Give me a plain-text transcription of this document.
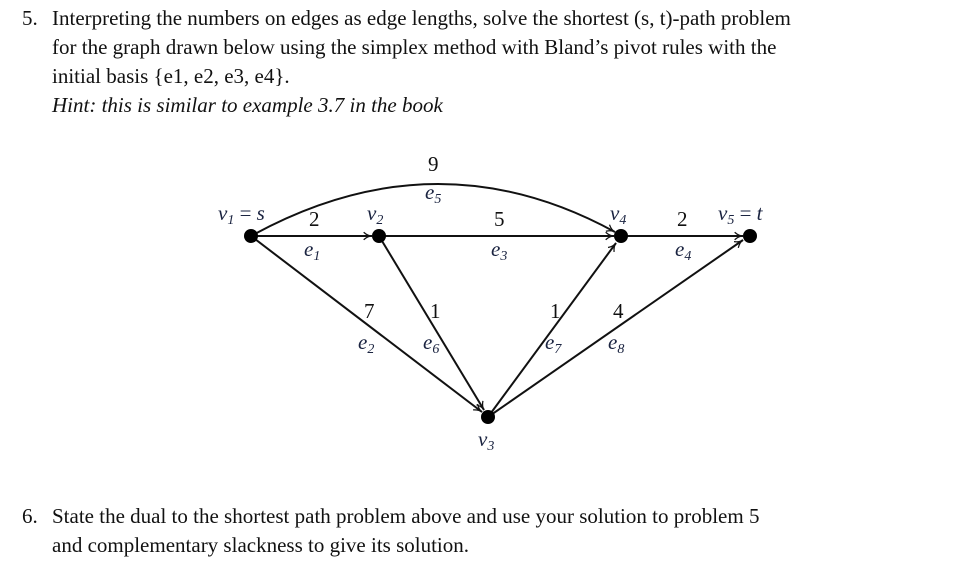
5. Interpreting the numbers on edges as edge lengths, solve the shortest (s, t)-path problem
for the graph drawn below using the simplex method with Bland’s pivot rules with the
initial basis {e1, e2, e3, e4}.
Hint: this is similar to example 3.7 in the book
v1 = s	v2
v3
v4	v5 = t
2
7
5	2
9
1	1	4
e1
e2
e3	e4
e5
e6	e7 e8
6. State the dual to the shortest path problem above and use your solution to problem 5
and complementary slackness to give its solution.
